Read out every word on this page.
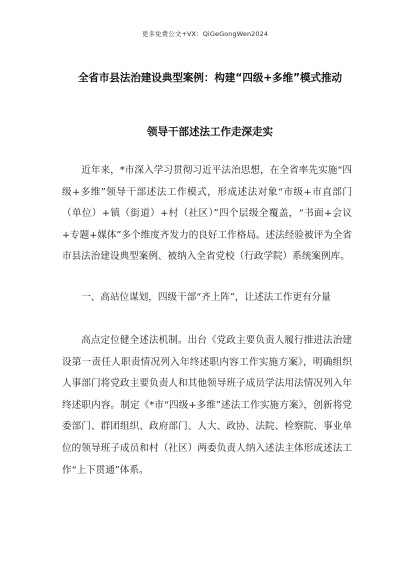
更多免费公文+VX：QiGeGongWen2024
全省市县法治建设典型案例：构建“四级+多维”模式推动
领导干部述法工作走深走实

近年来，*市深入学习贯彻习近平法治思想，在全省率先实施“四级+多维”领导干部述法工作模式，形成述法对象“市级+市直部门（单位）+镇（街道）+村（社区）”四个层级全覆盖，“书面+会议+专题+媒体”多个维度齐发力的良好工作格局。述法经验被评为全省市县法治建设典型案例、被纳入全省党校（行政学院）系统案例库。

一、高站位谋划，四级干部“齐上阵”，让述法工作更有分量

高点定位健全述法机制。出台《党政主要负责人履行推进法治建设第一责任人职责情况列入年终述职内容工作实施方案》，明确组织人事部门将党政主要负责人和其他领导班子成员学法用法情况列入年终述职内容。制定《*市“四级+多维”述法工作实施方案》，创新将党委部门、群团组织、政府部门、人大、政协、法院、检察院、事业单位的领导班子成员和村（社区）两委负责人纳入述法主体形成述法工作“上下贯通”体系。
